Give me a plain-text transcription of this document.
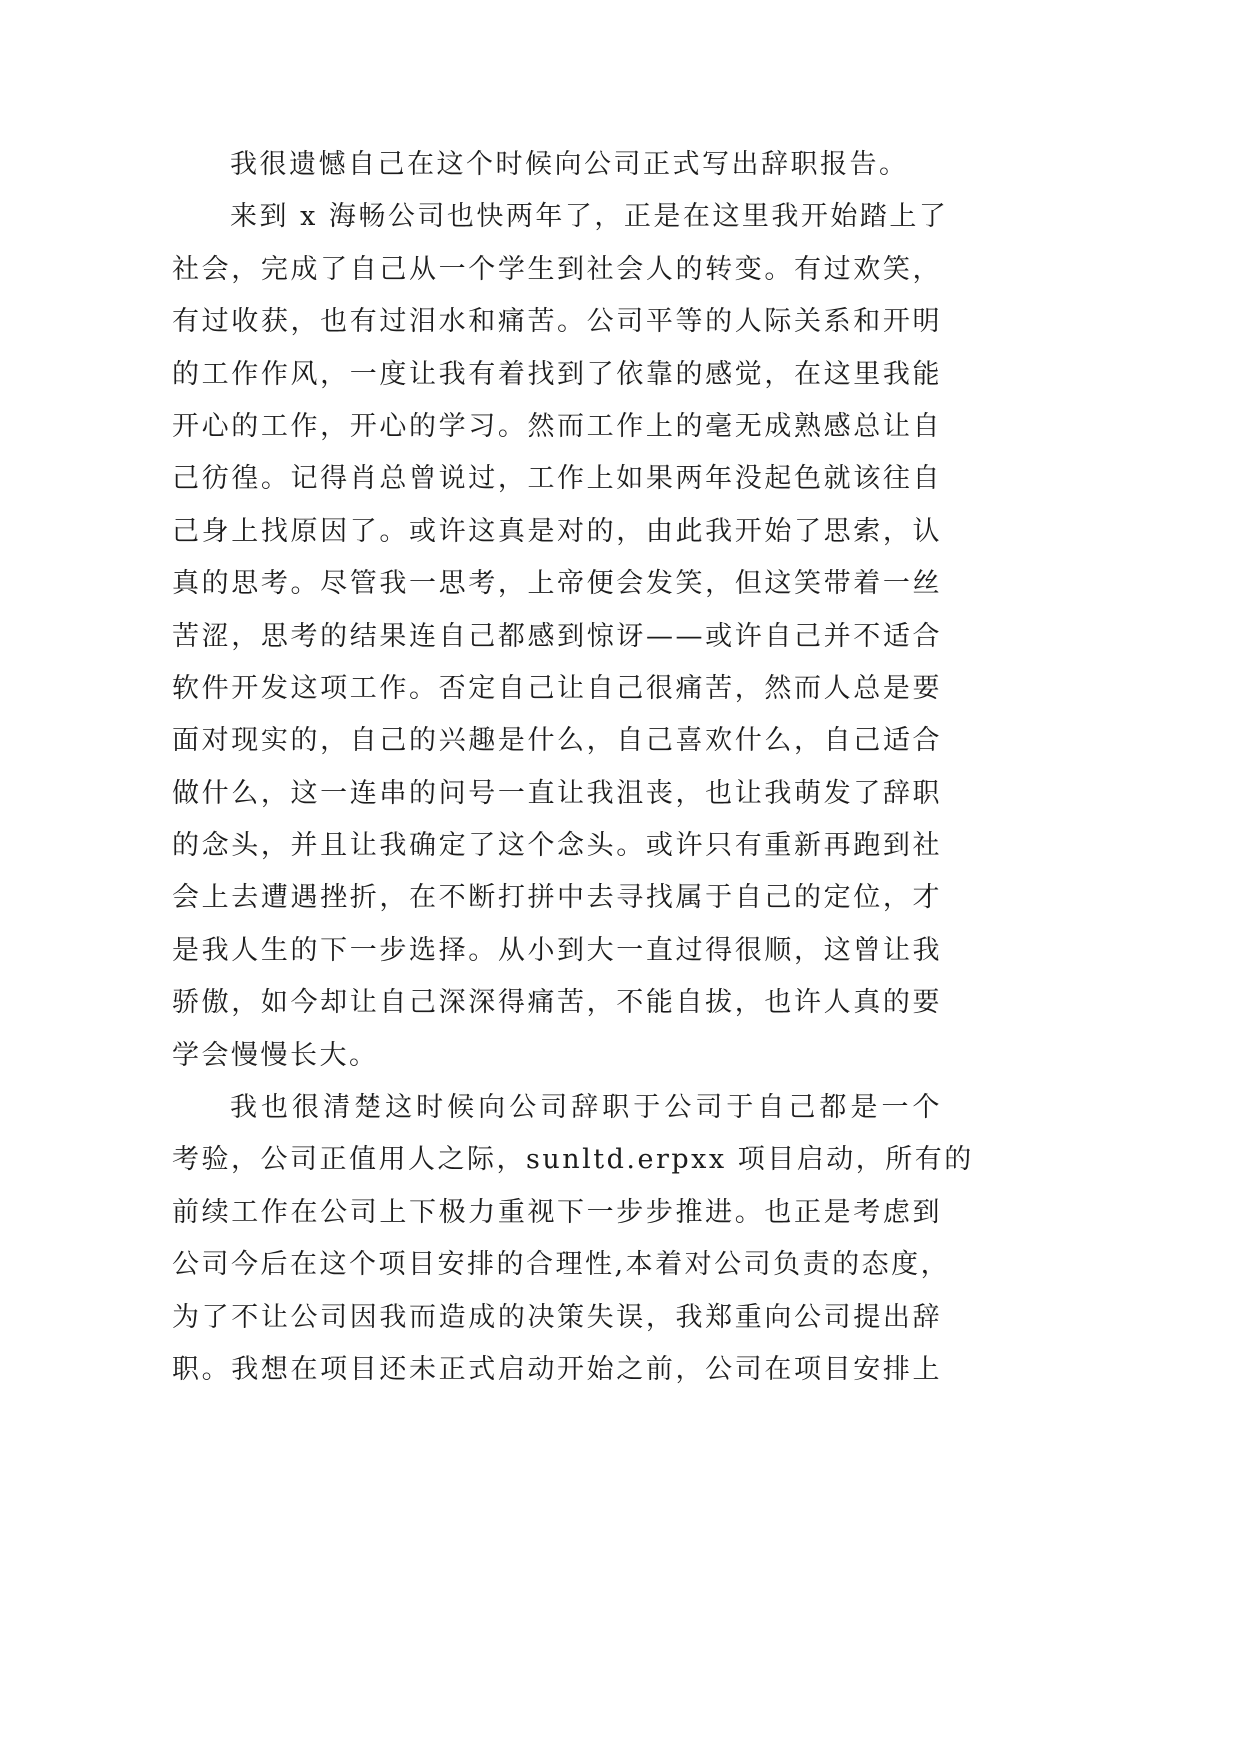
我很遗憾自己在这个时候向公司正式写出辞职报告。
来到 x 海畅公司也快两年了，正是在这里我开始踏上了
社会，完成了自己从一个学生到社会人的转变。有过欢笑，
有过收获，也有过泪水和痛苦。公司平等的人际关系和开明
的工作作风，一度让我有着找到了依靠的感觉，在这里我能
开心的工作，开心的学习。然而工作上的毫无成熟感总让自
己彷徨。记得肖总曾说过，工作上如果两年没起色就该往自
己身上找原因了。或许这真是对的，由此我开始了思索，认
真的思考。尽管我一思考，上帝便会发笑，但这笑带着一丝
苦涩，思考的结果连自己都感到惊讶——或许自己并不适合
软件开发这项工作。否定自己让自己很痛苦，然而人总是要
面对现实的，自己的兴趣是什么，自己喜欢什么，自己适合
做什么，这一连串的问号一直让我沮丧，也让我萌发了辞职
的念头，并且让我确定了这个念头。或许只有重新再跑到社
会上去遭遇挫折，在不断打拼中去寻找属于自己的定位，才
是我人生的下一步选择。从小到大一直过得很顺，这曾让我
骄傲，如今却让自己深深得痛苦，不能自拔，也许人真的要
学会慢慢长大。
我也很清楚这时候向公司辞职于公司于自己都是一个
考验，公司正值用人之际，sunltd.erpxx 项目启动，所有的
前续工作在公司上下极力重视下一步步推进。也正是考虑到
公司今后在这个项目安排的合理性,本着对公司负责的态度，
为了不让公司因我而造成的决策失误，我郑重向公司提出辞
职。我想在项目还未正式启动开始之前，公司在项目安排上
